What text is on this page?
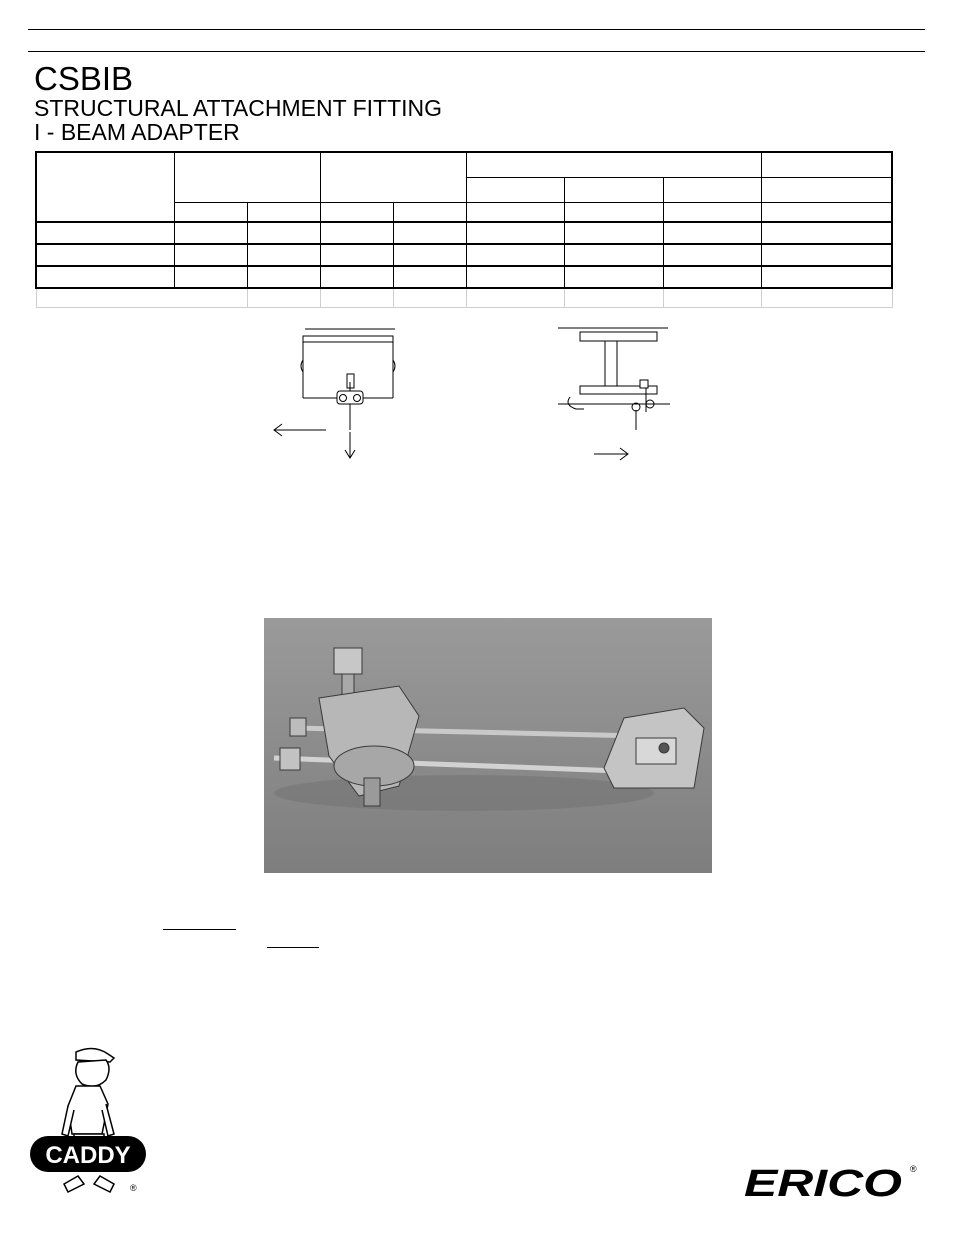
CSBIB
STRUCTURAL ATTACHMENT FITTING
I - BEAM ADAPTER

CADDY
®	ERICO ®
